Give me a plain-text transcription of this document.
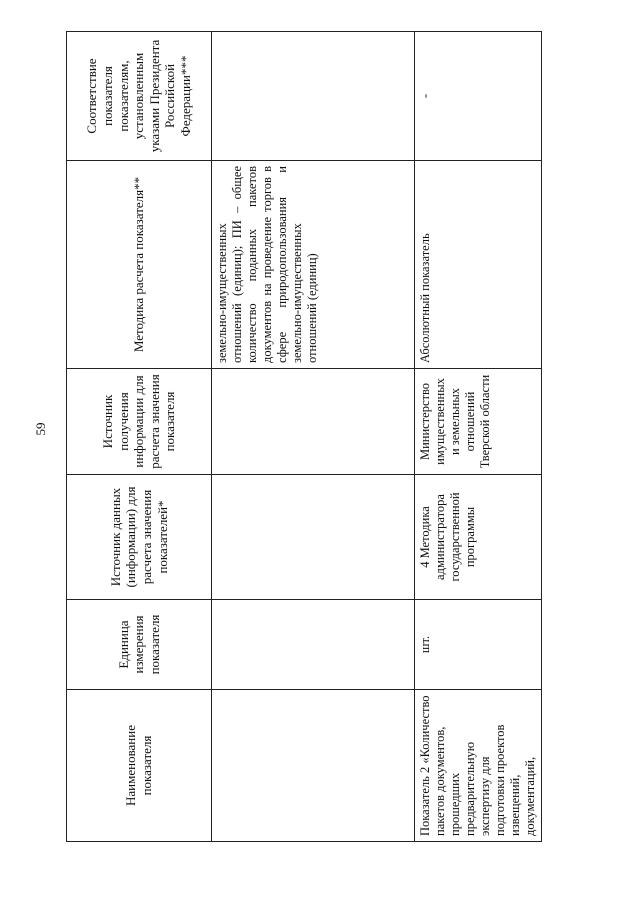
59
Наименование показателя	Единица измерения показателя	Источник данных (информации) для расчета значения показателей*	Источник получения информации для расчета значения показателя	Методика расчета показателя**	Соответствие показателя показателям, установленным указами Президента Российской Федерации***
				земельно-имущественных отношений (единиц); ПИ – общее количество поданных пакетов документов на проведение торгов в сфере природопользования и земельно-имущественных отношений (единиц)	
Показатель 2 «Количество пакетов документов, прошедших предварительную экспертизу для подготовки проектов извещений, документаций,	шт.	4 Методика администратора государственной программы	Министерство имущественных и земельных отношений Тверской области	Абсолютный показатель	-
